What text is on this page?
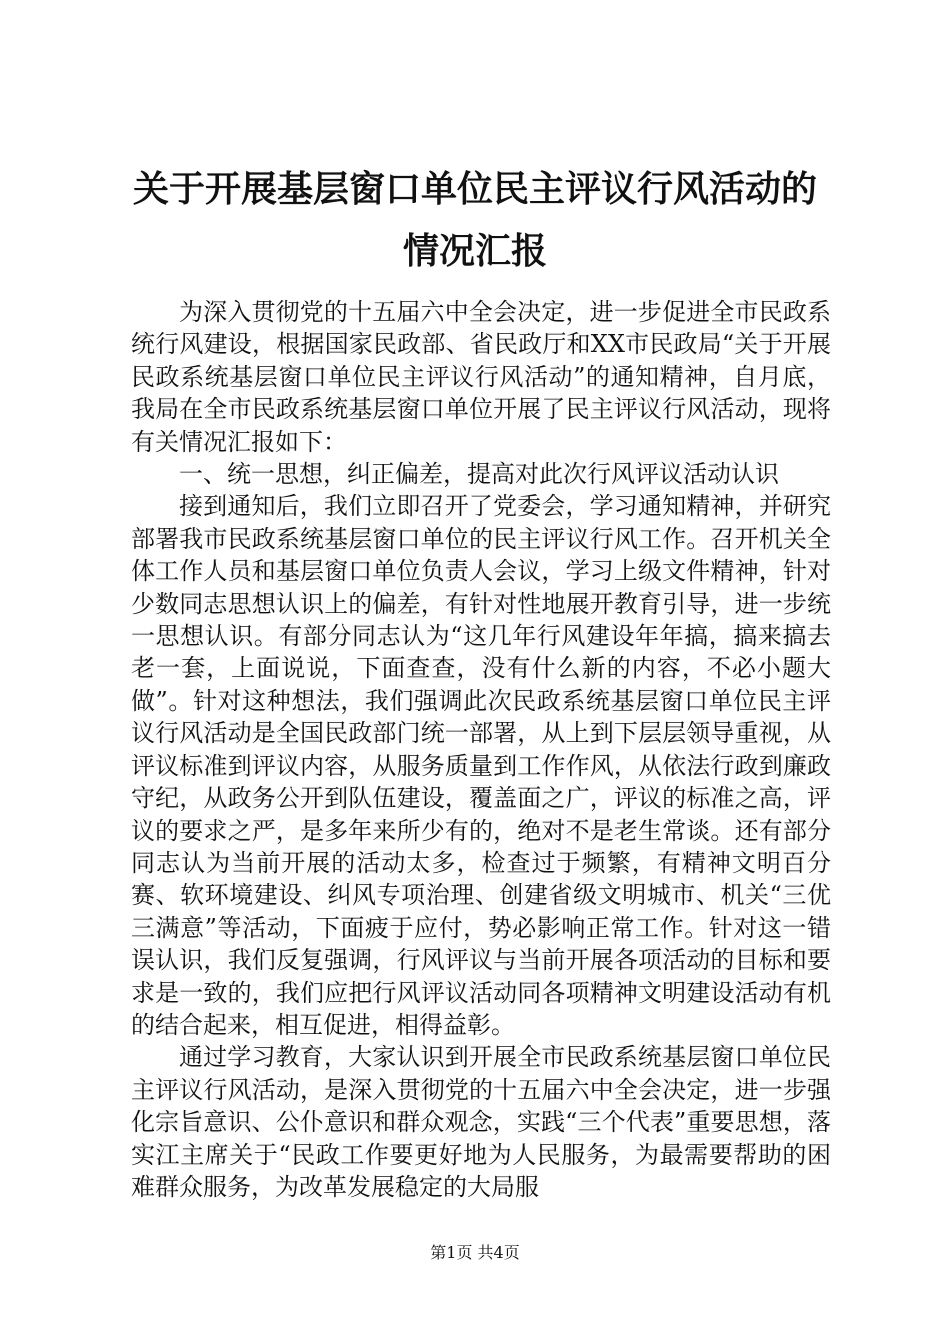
关于开展基层窗口单位民主评议行风活动的情况汇报

为深入贯彻党的十五届六中全会决定，进一步促进全市民政系统行风建设，根据国家民政部、省民政厅和XX市民政局“关于开展民政系统基层窗口单位民主评议行风活动”的通知精神，自月底，我局在全市民政系统基层窗口单位开展了民主评议行风活动，现将有关情况汇报如下：

一、统一思想，纠正偏差，提高对此次行风评议活动认识

接到通知后，我们立即召开了党委会，学习通知精神，并研究部署我市民政系统基层窗口单位的民主评议行风工作。召开机关全体工作人员和基层窗口单位负责人会议，学习上级文件精神，针对少数同志思想认识上的偏差，有针对性地展开教育引导，进一步统一思想认识。有部分同志认为“这几年行风建设年年搞，搞来搞去老一套，上面说说，下面查查，没有什么新的内容，不必小题大做”。针对这种想法，我们强调此次民政系统基层窗口单位民主评议行风活动是全国民政部门统一部署，从上到下层层领导重视，从评议标准到评议内容，从服务质量到工作作风，从依法行政到廉政守纪，从政务公开到队伍建设，覆盖面之广，评议的标准之高，评议的要求之严，是多年来所少有的，绝对不是老生常谈。还有部分同志认为当前开展的活动太多，检查过于频繁，有精神文明百分赛、软环境建设、纠风专项治理、创建省级文明城市、机关“三优三满意”等活动，下面疲于应付，势必影响正常工作。针对这一错误认识，我们反复强调，行风评议与当前开展各项活动的目标和要求是一致的，我们应把行风评议活动同各项精神文明建设活动有机的结合起来，相互促进，相得益彰。

通过学习教育，大家认识到开展全市民政系统基层窗口单位民主评议行风活动，是深入贯彻党的十五届六中全会决定，进一步强化宗旨意识、公仆意识和群众观念，实践“三个代表”重要思想，落实江主席关于“民政工作要更好地为人民服务，为最需要帮助的困难群众服务，为改革发展稳定的大局服

第1页 共4页
